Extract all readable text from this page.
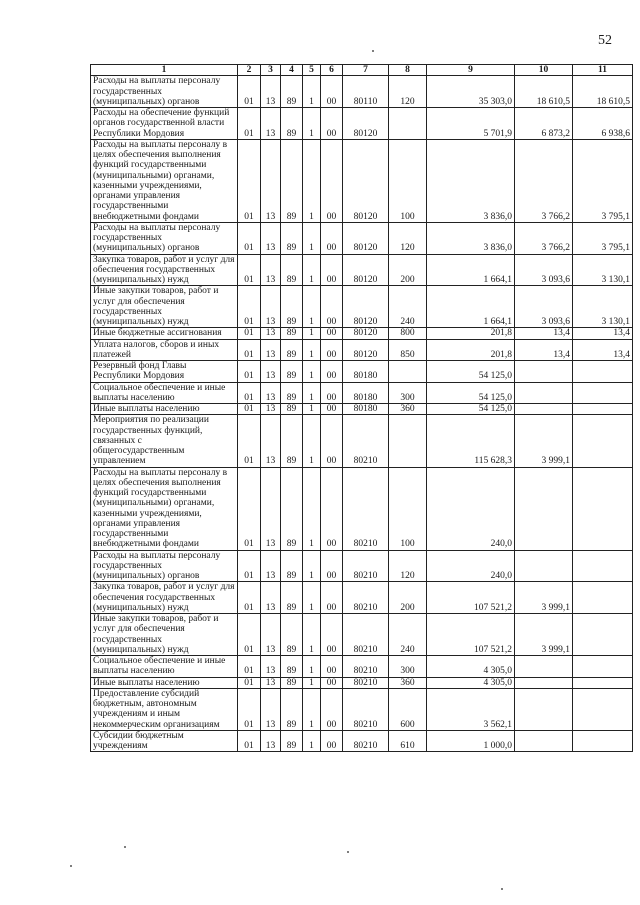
52
1	2	3	4	5	6	7	8	9	10	11
Расходы на выплаты персоналу государственных (муниципальных) органов	01	13	89	1	00	80110	120	35 303,0	18 610,5	18 610,5
Расходы на обеспечение функций органов государственной власти Республики Мордовия	01	13	89	1	00	80120		5 701,9	6 873,2	6 938,6
Расходы на выплаты персоналу в целях обеспечения выполнения функций государственными (муниципальными) органами, казенными учреждениями, органами управления государственными внебюджетными фондами	01	13	89	1	00	80120	100	3 836,0	3 766,2	3 795,1
Расходы на выплаты персоналу государственных (муниципальных) органов	01	13	89	1	00	80120	120	3 836,0	3 766,2	3 795,1
Закупка товаров, работ и услуг для обеспечения государственных (муниципальных) нужд	01	13	89	1	00	80120	200	1 664,1	3 093,6	3 130,1
Иные закупки товаров, работ и услуг для обеспечения государственных (муниципальных) нужд	01	13	89	1	00	80120	240	1 664,1	3 093,6	3 130,1
Иные бюджетные ассигнования	01	13	89	1	00	80120	800	201,8	13,4	13,4
Уплата налогов, сборов и иных платежей	01	13	89	1	00	80120	850	201,8	13,4	13,4
Резервный фонд Главы Республики Мордовия	01	13	89	1	00	80180		54 125,0		
Социальное обеспечение и иные выплаты населению	01	13	89	1	00	80180	300	54 125,0		
Иные выплаты населению	01	13	89	1	00	80180	360	54 125,0		
Мероприятия по реализации государственных функций, связанных с общегосударственным управлением	01	13	89	1	00	80210		115 628,3	3 999,1	
Расходы на выплаты персоналу в целях обеспечения выполнения функций государственными (муниципальными) органами, казенными учреждениями, органами управления государственными внебюджетными фондами	01	13	89	1	00	80210	100	240,0		
Расходы на выплаты персоналу государственных (муниципальных) органов	01	13	89	1	00	80210	120	240,0		
Закупка товаров, работ и услуг для обеспечения государственных (муниципальных) нужд	01	13	89	1	00	80210	200	107 521,2	3 999,1	
Иные закупки товаров, работ и услуг для обеспечения государственных (муниципальных) нужд	01	13	89	1	00	80210	240	107 521,2	3 999,1	
Социальное обеспечение и иные выплаты населению	01	13	89	1	00	80210	300	4 305,0		
Иные выплаты населению	01	13	89	1	00	80210	360	4 305,0		
Предоставление субсидий бюджетным, автономным учреждениям и иным некоммерческим организациям	01	13	89	1	00	80210	600	3 562,1		
Субсидии бюджетным учреждениям	01	13	89	1	00	80210	610	1 000,0		
